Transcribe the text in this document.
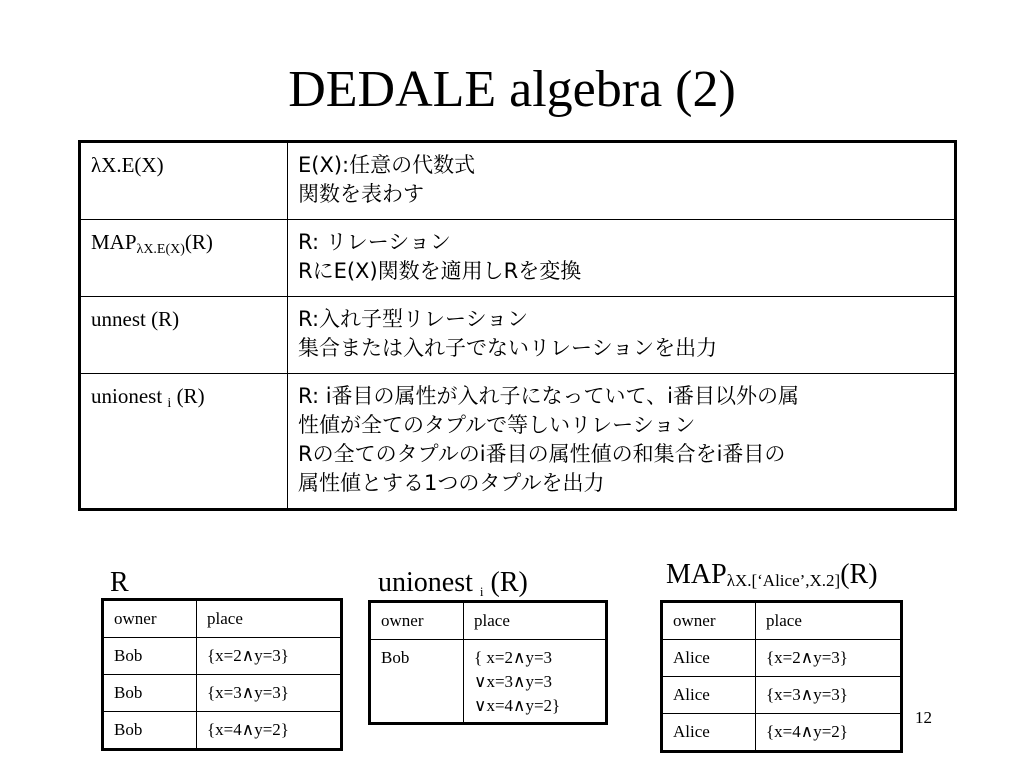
DEDALE algebra (2)
λX.E(X)	E(X):任意の代数式
関数を表わす

$MAP_{\lambda X.E(X)}(R)$	R: リレーション
RにE(X)関数を適用しRを変換

unnest (R)	R:入れ子型リレーション
集合または入れ子でないリレーションを出力

unionest $_i$ (R)	R: i番目の属性が入れ子になっていて、i番目以外の属
性値が全てのタプルで等しいリレーション
Rの全てのタプルのi番目の属性値の和集合をi番目の
属性値とする1つのタプルを出力
R
owner	place
Bob	{x=2∧y=3}
Bob	{x=3∧y=3}
Bob	{x=4∧y=2}
unionest $_i$ (R)
owner	place
Bob	{ x=2∧y=3
∨x=3∧y=3
∨x=4∧y=2}
$MAP_{\lambda X.[‘Alice’,X.2]}(R)$
owner	place
Alice	{x=2∧y=3}
Alice	{x=3∧y=3}
Alice	{x=4∧y=2}
12
